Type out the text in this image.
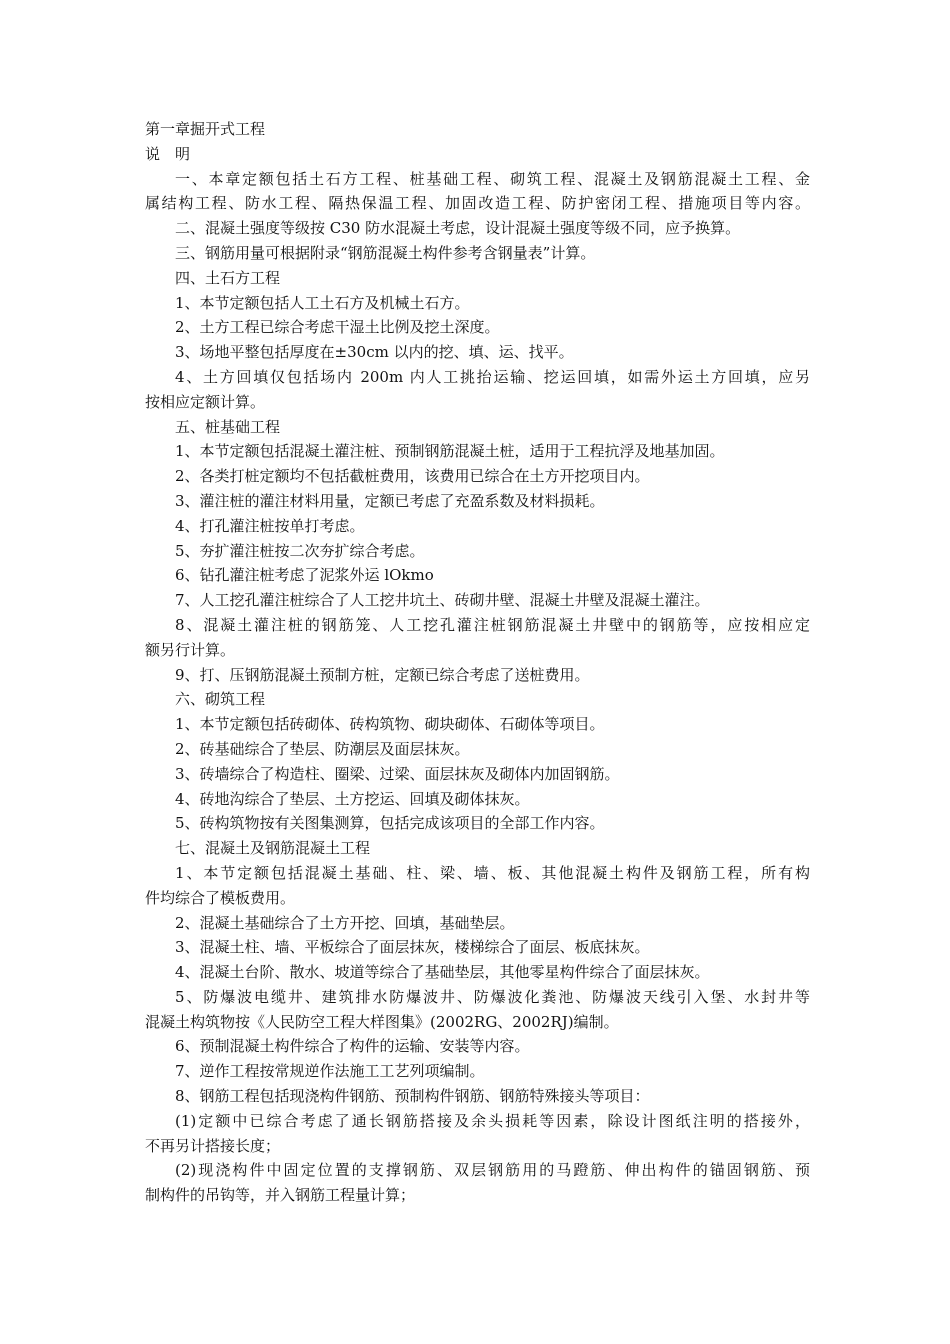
第一章掘开式工程

说　明

一、本章定额包括土石方工程、桩基础工程、砌筑工程、混凝土及钢筋混凝土工程、金

属结构工程、防水工程、隔热保温工程、加固改造工程、防护密闭工程、措施项目等内容。

二、混凝土强度等级按 C30 防水混凝土考虑，设计混凝土强度等级不同，应予换算。

三、钢筋用量可根据附录“钢筋混凝土构件参考含钢量表”计算。

四、土石方工程

1、本节定额包括人工土石方及机械土石方。

2、土方工程已综合考虑干湿土比例及挖土深度。

3、场地平整包括厚度在±30cm 以内的挖、填、运、找平。

4、土方回填仅包括场内 200m 内人工挑抬运输、挖运回填，如需外运土方回填，应另

按相应定额计算。

五、桩基础工程

1、本节定额包括混凝土灌注桩、预制钢筋混凝土桩，适用于工程抗浮及地基加固。

2、各类打桩定额均不包括截桩费用，该费用已综合在土方开挖项目内。

3、灌注桩的灌注材料用量，定额已考虑了充盈系数及材料损耗。

4、打孔灌注桩按单打考虑。

5、夯扩灌注桩按二次夯扩综合考虑。

6、钻孔灌注桩考虑了泥浆外运 lOkmo

7、人工挖孔灌注桩综合了人工挖井坑土、砖砌井壁、混凝土井壁及混凝土灌注。

8、混凝土灌注桩的钢筋笼、人工挖孔灌注桩钢筋混凝土井壁中的钢筋等，应按相应定

额另行计算。

9、打、压钢筋混凝土预制方桩，定额已综合考虑了送桩费用。

六、砌筑工程

1、本节定额包括砖砌体、砖构筑物、砌块砌体、石砌体等项目。

2、砖基础综合了垫层、防潮层及面层抹灰。

3、砖墙综合了构造柱、圈梁、过梁、面层抹灰及砌体内加固钢筋。

4、砖地沟综合了垫层、土方挖运、回填及砌体抹灰。

5、砖构筑物按有关图集测算，包括完成该项目的全部工作内容。

七、混凝土及钢筋混凝土工程

1、本节定额包括混凝土基础、柱、梁、墙、板、其他混凝土构件及钢筋工程，所有构

件均综合了模板费用。

2、混凝土基础综合了土方开挖、回填，基础垫层。

3、混凝土柱、墙、平板综合了面层抹灰，楼梯综合了面层、板底抹灰。

4、混凝土台阶、散水、坡道等综合了基础垫层，其他零星构件综合了面层抹灰。

5、防爆波电缆井、建筑排水防爆波井、防爆波化粪池、防爆波天线引入堡、水封井等

混凝土构筑物按《人民防空工程大样图集》(2002RG、2002RJ)编制。

6、预制混凝土构件综合了构件的运输、安装等内容。

7、逆作工程按常规逆作法施工工艺列项编制。

8、钢筋工程包括现浇构件钢筋、预制构件钢筋、钢筋特殊接头等项目：

(1)定额中已综合考虑了通长钢筋搭接及余头损耗等因素，除设计图纸注明的搭接外，

不再另计搭接长度；

(2)现浇构件中固定位置的支撑钢筋、双层钢筋用的马蹬筋、伸出构件的锚固钢筋、预

制构件的吊钩等，并入钢筋工程量计算；
